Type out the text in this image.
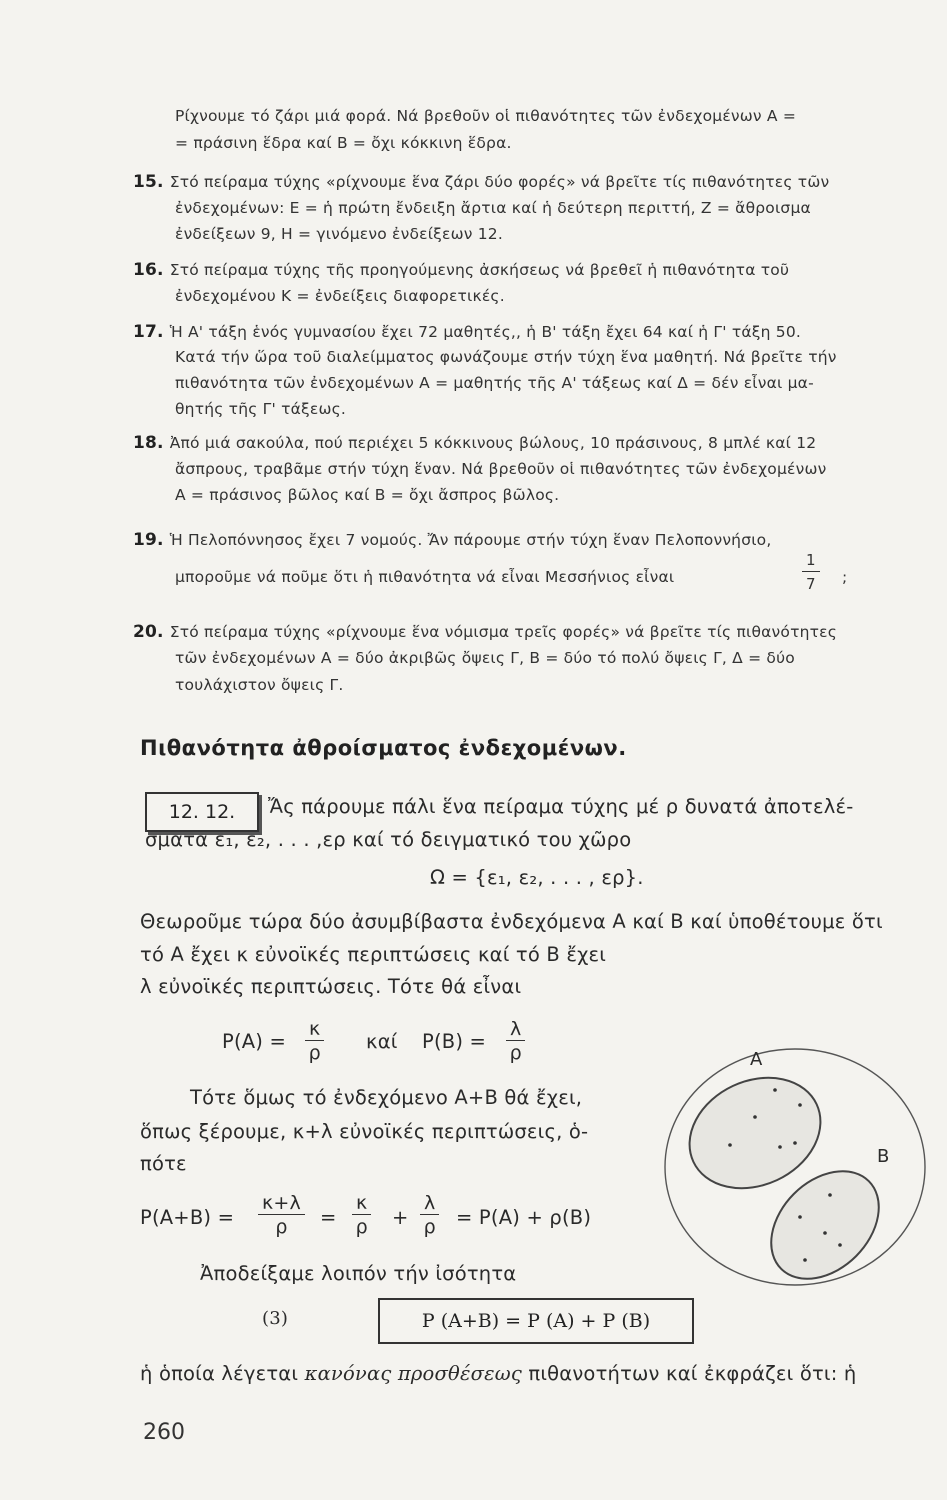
Ρίχνουμε τό ζάρι μιά φορά. Νά βρεθοῦν οἱ πιθανότητες τῶν ἐνδεχομένων Α =
= πράσινη ἕδρα καί Β = ὄχι κόκκινη ἕδρα.
15. Στό πείραμα τύχης «ρίχνουμε ἕνα ζάρι δύο φορές» νά βρεῖτε τίς πιθανότητες τῶν
ἐνδεχομένων: Ε = ἡ πρώτη ἔνδειξη ἄρτια καί ἡ δεύτερη περιττή, Ζ = ἄθροισμα
ἐνδείξεων 9, Η = γινόμενο ἐνδείξεων 12.
16. Στό πείραμα τύχης τῆς προηγούμενης ἀσκήσεως νά βρεθεῖ ἡ πιθανότητα τοῦ
ἐνδεχομένου Κ = ἐνδείξεις διαφορετικές.
17. Ἡ Α' τάξη ἑνός γυμνασίου ἔχει 72 μαθητές,, ἡ Β' τάξη ἔχει 64 καί ἡ Γ' τάξη 50.
Κατά τήν ὥρα τοῦ διαλείμματος φωνάζουμε στήν τύχη ἕνα μαθητή. Νά βρεῖτε τήν
πιθανότητα τῶν ἐνδεχομένων Α = μαθητής τῆς Α' τάξεως καί Δ = δέν εἶναι μα-
θητής τῆς Γ' τάξεως.
18. Ἀπό μιά σακούλα, πού περιέχει 5 κόκκινους βώλους, 10 πράσινους, 8 μπλέ καί 12
ἄσπρους, τραβᾶμε στήν τύχη ἕναν. Νά βρεθοῦν οἱ πιθανότητες τῶν ἐνδεχομένων
Α = πράσινος βῶλος καί Β = ὄχι ἄσπρος βῶλος.
19. Ἡ Πελοπόννησος ἔχει 7 νομούς. Ἄν πάρουμε στήν τύχη ἕναν Πελοποννήσιο,
μποροῦμε νά ποῦμε ὅτι ἡ πιθανότητα νά εἶναι Μεσσήνιος εἶναι	$\frac{1}{7}$ ;
20. Στό πείραμα τύχης «ρίχνουμε ἕνα νόμισμα τρεῖς φορές» νά βρεῖτε τίς πιθανότητες
τῶν ἐνδεχομένων Α = δύο ἀκριβῶς ὄψεις Γ, Β = δύο τό πολύ ὄψεις Γ, Δ = δύο
τουλάχιστον ὄψεις Γ.
Πιθανότητα ἀθροίσματος ἐνδεχομένων.
12. 12.	Ἄς πάρουμε πάλι ἕνα πείραμα τύχης μέ ρ δυνατά ἀποτελέ-
σματα ε₁, ε₂, . . . ,ερ καί τό δειγματικό του χῶρο
Ω = {ε₁, ε₂, . . . , ερ}.
Θεωροῦμε τώρα δύο ἀσυμβίβαστα ἐνδεχόμενα Α καί Β καί ὑποθέτουμε ὅτι
τό Α ἔχει κ εὐνοϊκές περιπτώσεις καί τό Β ἔχει
λ εὐνοϊκές περιπτώσεις. Τότε θά εἶναι
$P(A) = \frac{\kappa}{\rho}$ καί $P(B) = \frac{\lambda}{\rho}$
Τότε ὅμως τό ἐνδεχόμενο Α+Β θά ἔχει,
ὅπως ξέρουμε, κ+λ εὐνοϊκές περιπτώσεις, ὁ-
πότε
$P(A+B) = \frac{\kappa+\lambda}{\rho} = \frac{\kappa}{\rho} + \frac{\lambda}{\rho} = P(A) + \rho(B)$
Ἀποδείξαμε λοιπόν τήν ἰσότητα
(3)	P (A+B) = P (A) + P (B)
ἡ ὁποία λέγεται κανόνας προσθέσεως πιθανοτήτων καί ἐκφράζει ὅτι: ἡ
Α
Β
260
